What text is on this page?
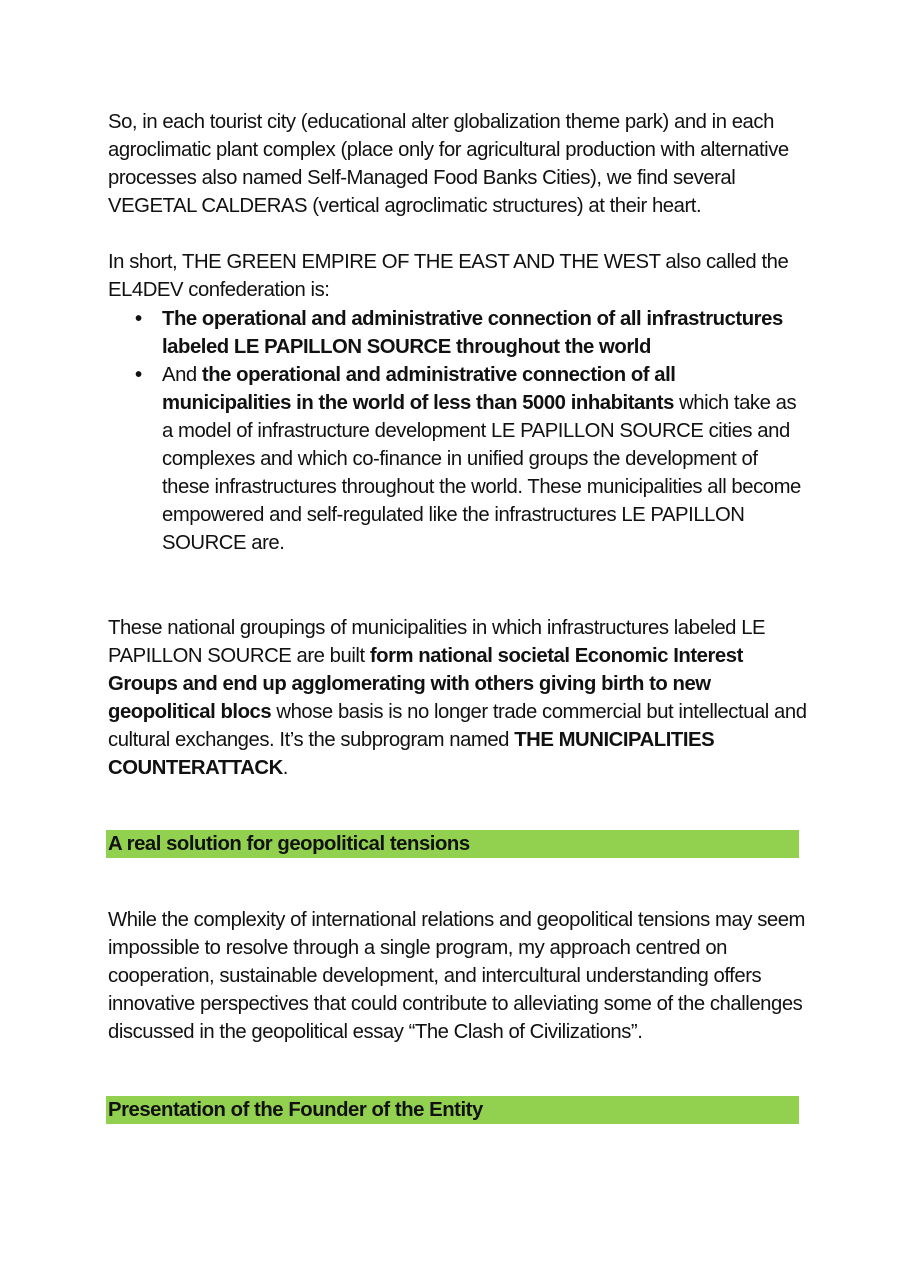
So, in each tourist city (educational alter globalization theme park) and in each agroclimatic plant complex (place only for agricultural production with alternative processes also named Self-Managed Food Banks Cities), we find several VEGETAL CALDERAS (vertical agroclimatic structures) at their heart.

In short, THE GREEN EMPIRE OF THE EAST AND THE WEST also called the EL4DEV confederation is:

• The operational and administrative connection of all infrastructures labeled LE PAPILLON SOURCE throughout the world
• And the operational and administrative connection of all municipalities in the world of less than 5000 inhabitants which take as a model of infrastructure development LE PAPILLON SOURCE cities and complexes and which co-finance in unified groups the development of these infrastructures throughout the world. These municipalities all become empowered and self-regulated like the infrastructures LE PAPILLON SOURCE are.

These national groupings of municipalities in which infrastructures labeled LE PAPILLON SOURCE are built form national societal Economic Interest Groups and end up agglomerating with others giving birth to new geopolitical blocs whose basis is no longer trade commercial but intellectual and cultural exchanges. It’s the subprogram named THE MUNICIPALITIES COUNTERATTACK.

A real solution for geopolitical tensions

While the complexity of international relations and geopolitical tensions may seem impossible to resolve through a single program, my approach centred on cooperation, sustainable development, and intercultural understanding offers innovative perspectives that could contribute to alleviating some of the challenges discussed in the geopolitical essay “The Clash of Civilizations”.

Presentation of the Founder of the Entity
